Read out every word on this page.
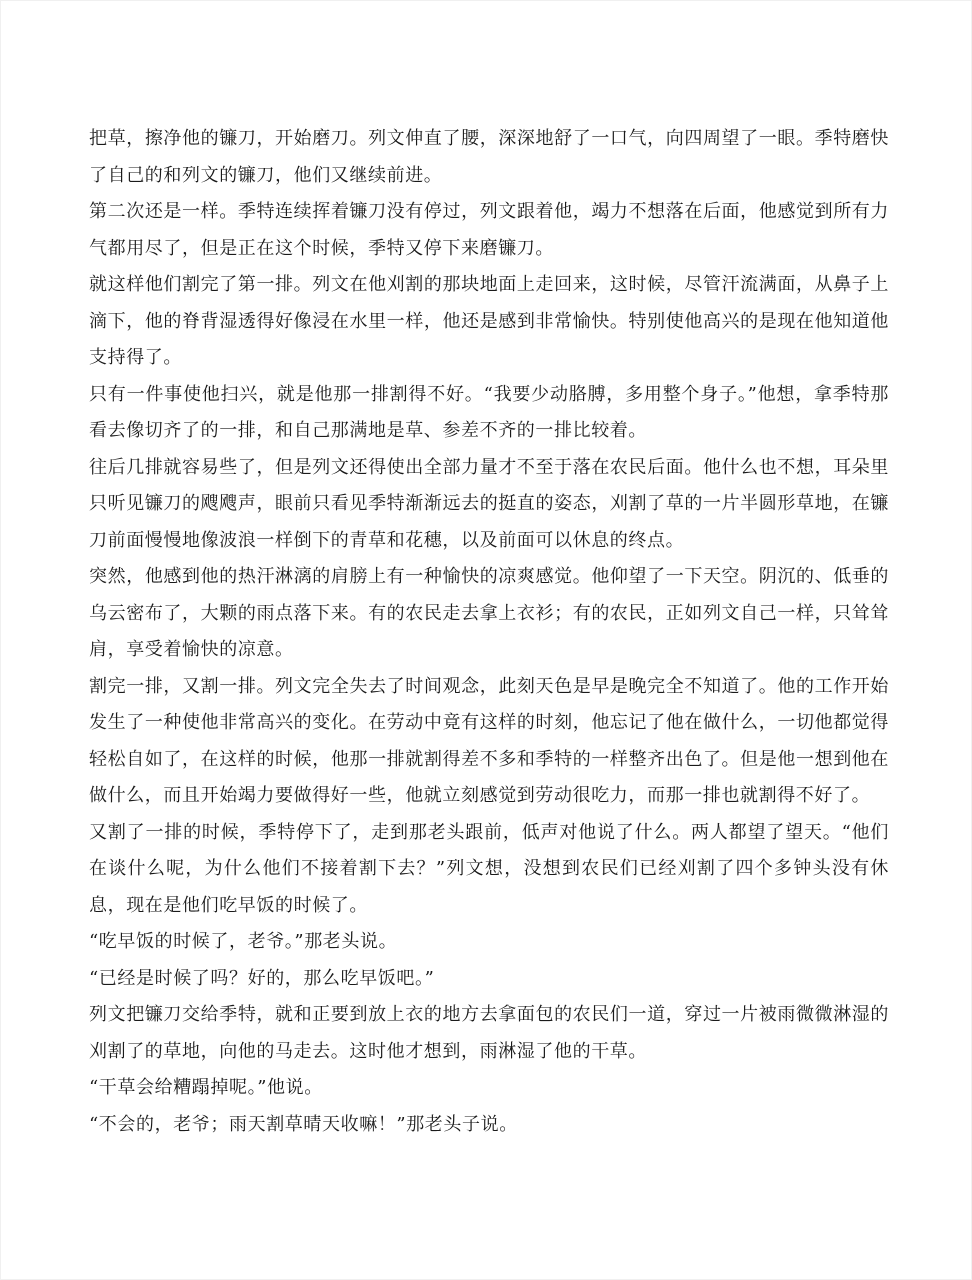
把草，擦净他的镰刀，开始磨刀。列文伸直了腰，深深地舒了一口气，向四周望了一眼。季特磨快了自己的和列文的镰刀，他们又继续前进。

第二次还是一样。季特连续挥着镰刀没有停过，列文跟着他，竭力不想落在后面，他感觉到所有力气都用尽了，但是正在这个时候，季特又停下来磨镰刀。

就这样他们割完了第一排。列文在他刈割的那块地面上走回来，这时候，尽管汗流满面，从鼻子上滴下，他的脊背湿透得好像浸在水里一样，他还是感到非常愉快。特别使他高兴的是现在他知道他支持得了。

只有一件事使他扫兴，就是他那一排割得不好。“我要少动胳膊，多用整个身子。”他想，拿季特那看去像切齐了的一排，和自己那满地是草、参差不齐的一排比较着。

往后几排就容易些了，但是列文还得使出全部力量才不至于落在农民后面。他什么也不想，耳朵里只听见镰刀的飕飕声，眼前只看见季特渐渐远去的挺直的姿态，刈割了草的一片半圆形草地，在镰刀前面慢慢地像波浪一样倒下的青草和花穗，以及前面可以休息的终点。

突然，他感到他的热汗淋漓的肩膀上有一种愉快的凉爽感觉。他仰望了一下天空。阴沉的、低垂的乌云密布了，大颗的雨点落下来。有的农民走去拿上衣衫；有的农民，正如列文自己一样，只耸耸肩，享受着愉快的凉意。

割完一排，又割一排。列文完全失去了时间观念，此刻天色是早是晚完全不知道了。他的工作开始发生了一种使他非常高兴的变化。在劳动中竟有这样的时刻，他忘记了他在做什么，一切他都觉得轻松自如了，在这样的时候，他那一排就割得差不多和季特的一样整齐出色了。但是他一想到他在做什么，而且开始竭力要做得好一些，他就立刻感觉到劳动很吃力，而那一排也就割得不好了。

又割了一排的时候，季特停下了，走到那老头跟前，低声对他说了什么。两人都望了望天。“他们在谈什么呢，为什么他们不接着割下去？”列文想，没想到农民们已经刈割了四个多钟头没有休息，现在是他们吃早饭的时候了。

“吃早饭的时候了，老爷。”那老头说。

“已经是时候了吗？好的，那么吃早饭吧。”

列文把镰刀交给季特，就和正要到放上衣的地方去拿面包的农民们一道，穿过一片被雨微微淋湿的刈割了的草地，向他的马走去。这时他才想到，雨淋湿了他的干草。

“干草会给糟蹋掉呢。”他说。

“不会的，老爷；雨天割草晴天收嘛！”那老头子说。
